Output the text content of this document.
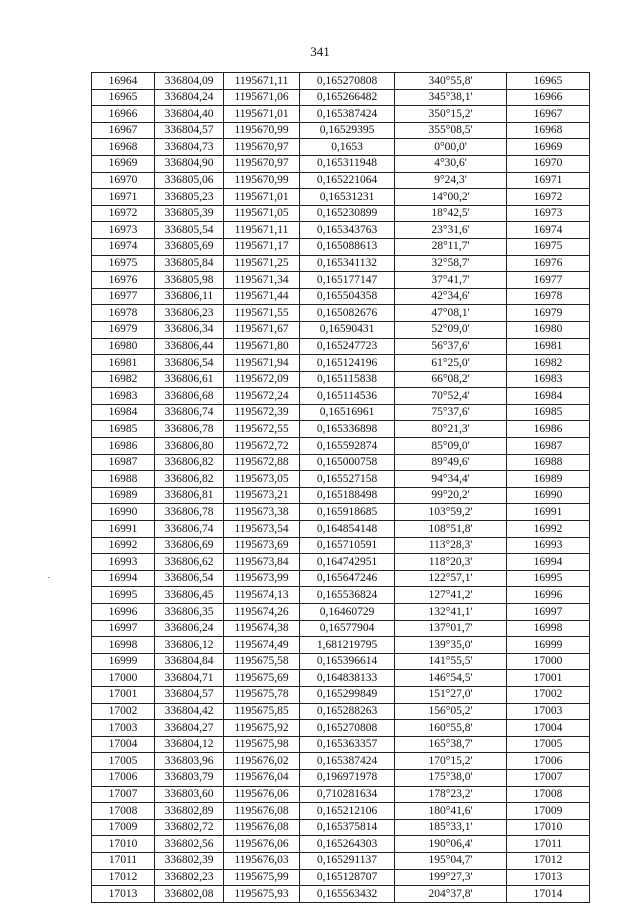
341
16964	336804,09	1195671,11	0,165270808	340°55,8'	16965
16965	336804,24	1195671,06	0,165266482	345°38,1'	16966
16966	336804,40	1195671,01	0,165387424	350°15,2'	16967
16967	336804,57	1195670,99	0,16529395	355°08,5'	16968
16968	336804,73	1195670,97	0,1653	0°00,0'	16969
16969	336804,90	1195670,97	0,165311948	4°30,6'	16970
16970	336805,06	1195670,99	0,165221064	9°24,3'	16971
16971	336805,23	1195671,01	0,16531231	14°00,2'	16972
16972	336805,39	1195671,05	0,165230899	18°42,5'	16973
16973	336805,54	1195671,11	0,165343763	23°31,6'	16974
16974	336805,69	1195671,17	0,165088613	28°11,7'	16975
16975	336805,84	1195671,25	0,165341132	32°58,7'	16976
16976	336805,98	1195671,34	0,165177147	37°41,7'	16977
16977	336806,11	1195671,44	0,165504358	42°34,6'	16978
16978	336806,23	1195671,55	0,165082676	47°08,1'	16979
16979	336806,34	1195671,67	0,16590431	52°09,0'	16980
16980	336806,44	1195671,80	0,165247723	56°37,6'	16981
16981	336806,54	1195671,94	0,165124196	61°25,0'	16982
16982	336806,61	1195672,09	0,165115838	66°08,2'	16983
16983	336806,68	1195672,24	0,165114536	70°52,4'	16984
16984	336806,74	1195672,39	0,16516961	75°37,6'	16985
16985	336806,78	1195672,55	0,165336898	80°21,3'	16986
16986	336806,80	1195672,72	0,165592874	85°09,0'	16987
16987	336806,82	1195672,88	0,165000758	89°49,6'	16988
16988	336806,82	1195673,05	0,165527158	94°34,4'	16989
16989	336806,81	1195673,21	0,165188498	99°20,2'	16990
16990	336806,78	1195673,38	0,165918685	103°59,2'	16991
16991	336806,74	1195673,54	0,164854148	108°51,8'	16992
16992	336806,69	1195673,69	0,165710591	113°28,3'	16993
16993	336806,62	1195673,84	0,164742951	118°20,3'	16994
16994	336806,54	1195673,99	0,165647246	122°57,1'	16995
16995	336806,45	1195674,13	0,165536824	127°41,2'	16996
16996	336806,35	1195674,26	0,16460729	132°41,1'	16997
16997	336806,24	1195674,38	0,16577904	137°01,7'	16998
16998	336806,12	1195674,49	1,681219795	139°35,0'	16999
16999	336804,84	1195675,58	0,165396614	141°55,5'	17000
17000	336804,71	1195675,69	0,164838133	146°54,5'	17001
17001	336804,57	1195675,78	0,165299849	151°27,0'	17002
17002	336804,42	1195675,85	0,165288263	156°05,2'	17003
17003	336804,27	1195675,92	0,165270808	160°55,8'	17004
17004	336804,12	1195675,98	0,165363357	165°38,7'	17005
17005	336803,96	1195676,02	0,165387424	170°15,2'	17006
17006	336803,79	1195676,04	0,196971978	175°38,0'	17007
17007	336803,60	1195676,06	0,710281634	178°23,2'	17008
17008	336802,89	1195676,08	0,165212106	180°41,6'	17009
17009	336802,72	1195676,08	0,165375814	185°33,1'	17010
17010	336802,56	1195676,06	0,165264303	190°06,4'	17011
17011	336802,39	1195676,03	0,165291137	195°04,7'	17012
17012	336802,23	1195675,99	0,165128707	199°27,3'	17013
17013	336802,08	1195675,93	0,165563432	204°37,8'	17014
